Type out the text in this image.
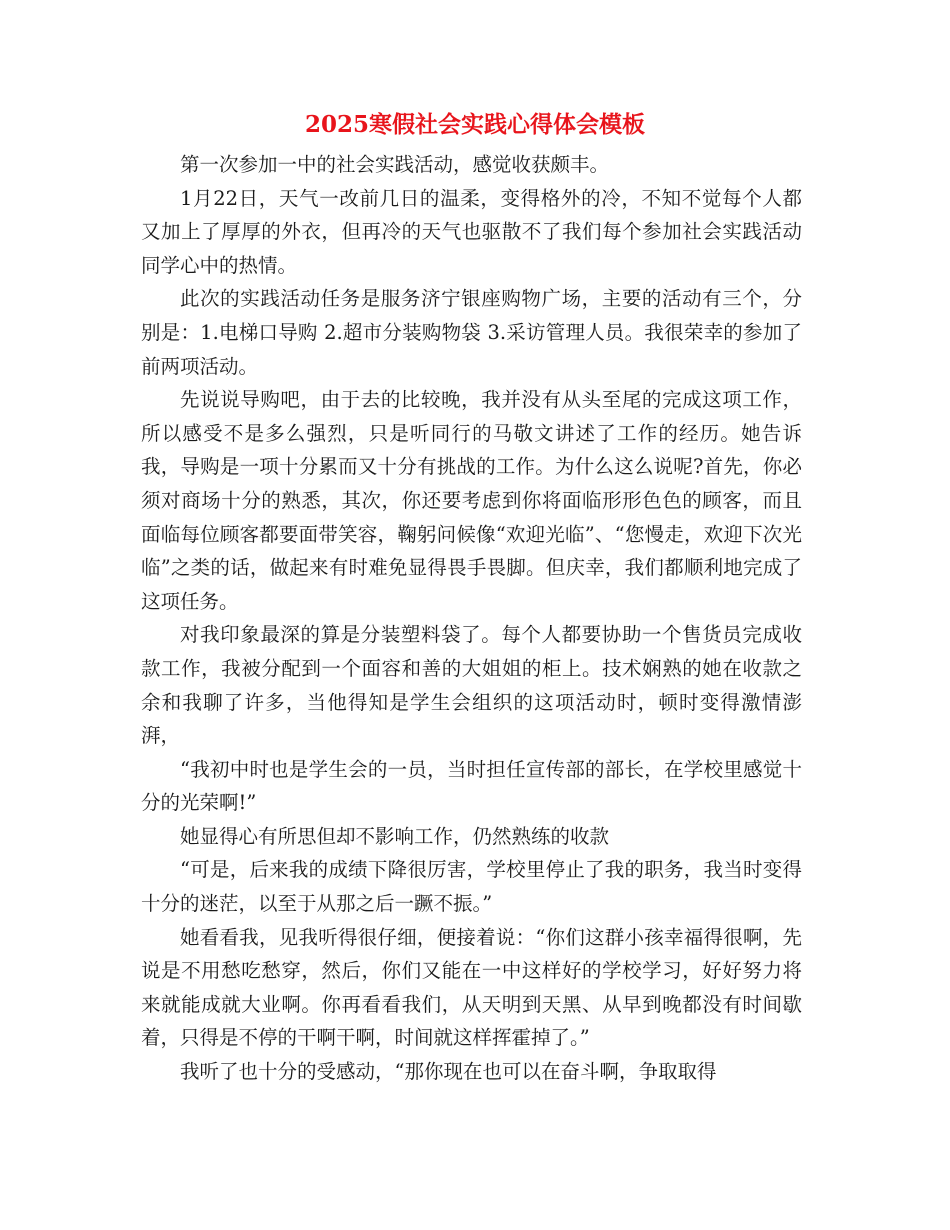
2025寒假社会实践心得体会模板

第一次参加一中的社会实践活动，感觉收获颇丰。

1月22日，天气一改前几日的温柔，变得格外的冷，不知不觉每个人都又加上了厚厚的外衣，但再冷的天气也驱散不了我们每个参加社会实践活动同学心中的热情。

此次的实践活动任务是服务济宁银座购物广场，主要的活动有三个，分别是：1.电梯口导购 2.超市分装购物袋 3.采访管理人员。我很荣幸的参加了前两项活动。

先说说导购吧，由于去的比较晚，我并没有从头至尾的完成这项工作，所以感受不是多么强烈，只是听同行的马敬文讲述了工作的经历。她告诉我，导购是一项十分累而又十分有挑战的工作。为什么这么说呢?首先，你必须对商场十分的熟悉，其次，你还要考虑到你将面临形形色色的顾客，而且面临每位顾客都要面带笑容，鞠躬问候像“欢迎光临”、“您慢走，欢迎下次光临”之类的话，做起来有时难免显得畏手畏脚。但庆幸，我们都顺利地完成了这项任务。

对我印象最深的算是分装塑料袋了。每个人都要协助一个售货员完成收款工作，我被分配到一个面容和善的大姐姐的柜上。技术娴熟的她在收款之余和我聊了许多，当他得知是学生会组织的这项活动时，顿时变得激情澎湃，

“我初中时也是学生会的一员，当时担任宣传部的部长，在学校里感觉十分的光荣啊!”

她显得心有所思但却不影响工作，仍然熟练的收款

“可是，后来我的成绩下降很厉害，学校里停止了我的职务，我当时变得十分的迷茫，以至于从那之后一蹶不振。”

她看看我，见我听得很仔细，便接着说：“你们这群小孩幸福得很啊，先说是不用愁吃愁穿，然后，你们又能在一中这样好的学校学习，好好努力将来就能成就大业啊。你再看看我们，从天明到天黑、从早到晚都没有时间歇着，只得是不停的干啊干啊，时间就这样挥霍掉了。”

我听了也十分的受感动，“那你现在也可以在奋斗啊，争取取得
